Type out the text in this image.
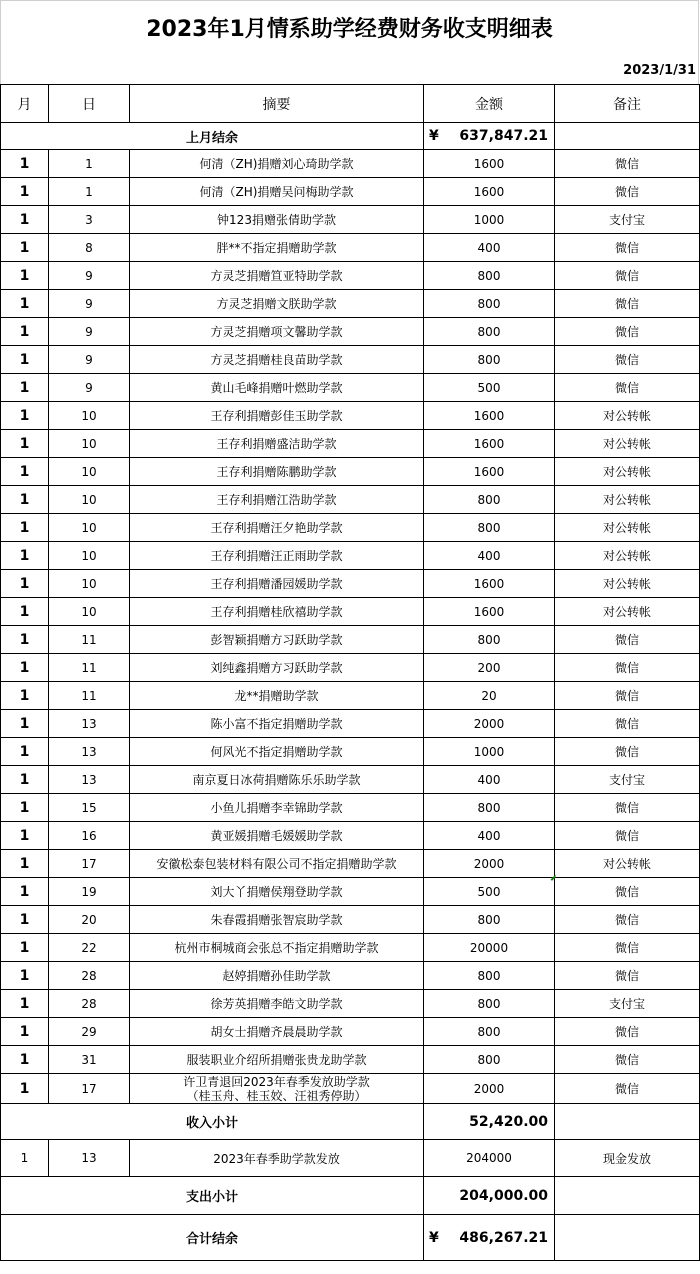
2023年1月情系助学经费财务收支明细表
2023/1/31
月	日	摘要	金额	备注
上月结余			¥ 637,847.21	
1	1	何清（ZH)捐赠刘心琦助学款	1600	微信
1	1	何清（ZH)捐赠吴问梅助学款	1600	微信
1	3	钟123捐赠张倩助学款	1000	支付宝
1	8	胖**不指定捐赠助学款	400	微信
1	9	方灵芝捐赠笪亚特助学款	800	微信
1	9	方灵芝捐赠文朕助学款	800	微信
1	9	方灵芝捐赠项文馨助学款	800	微信
1	9	方灵芝捐赠桂良苗助学款	800	微信
1	9	黄山毛峰捐赠叶燃助学款	500	微信
1	10	王存利捐赠彭佳玉助学款	1600	对公转帐
1	10	王存利捐赠盛洁助学款	1600	对公转帐
1	10	王存利捐赠陈鹏助学款	1600	对公转帐
1	10	王存利捐赠江浩助学款	800	对公转帐
1	10	王存利捐赠汪夕艳助学款	800	对公转帐
1	10	王存利捐赠汪正雨助学款	400	对公转帐
1	10	王存利捐赠潘园媛助学款	1600	对公转帐
1	10	王存利捐赠桂欣禧助学款	1600	对公转帐
1	11	彭智颖捐赠方习跃助学款	800	微信
1	11	刘纯鑫捐赠方习跃助学款	200	微信
1	11	龙**捐赠助学款	20	微信
1	13	陈小富不指定捐赠助学款	2000	微信
1	13	何风光不指定捐赠助学款	1000	微信
1	13	南京夏日冰荷捐赠陈乐乐助学款	400	支付宝
1	15	小鱼儿捐赠李幸锦助学款	800	微信
1	16	黄亚媛捐赠毛媛媛助学款	400	微信
1	17	安徽松泰包装材料有限公司不指定捐赠助学款	2000	对公转帐
1	19	刘大丫捐赠侯翔登助学款	500	微信
1	20	朱春霞捐赠张智宸助学款	800	微信
1	22	杭州市桐城商会张总不指定捐赠助学款	20000	微信
1	28	赵婷捐赠孙佳助学款	800	微信
1	28	徐芳英捐赠李皓文助学款	800	支付宝
1	29	胡女士捐赠齐晨晨助学款	800	微信
1	31	服装职业介绍所捐赠张贵龙助学款	800	微信
1	17	许卫青退回2023年春季发放助学款
（桂玉舟、桂玉姣、汪祖秀停助）	2000	微信
收入小计			52,420.00	
1	13	2023年春季助学款发放	204000	现金发放
支出小计			204,000.00	
合计结余			¥ 486,267.21	
